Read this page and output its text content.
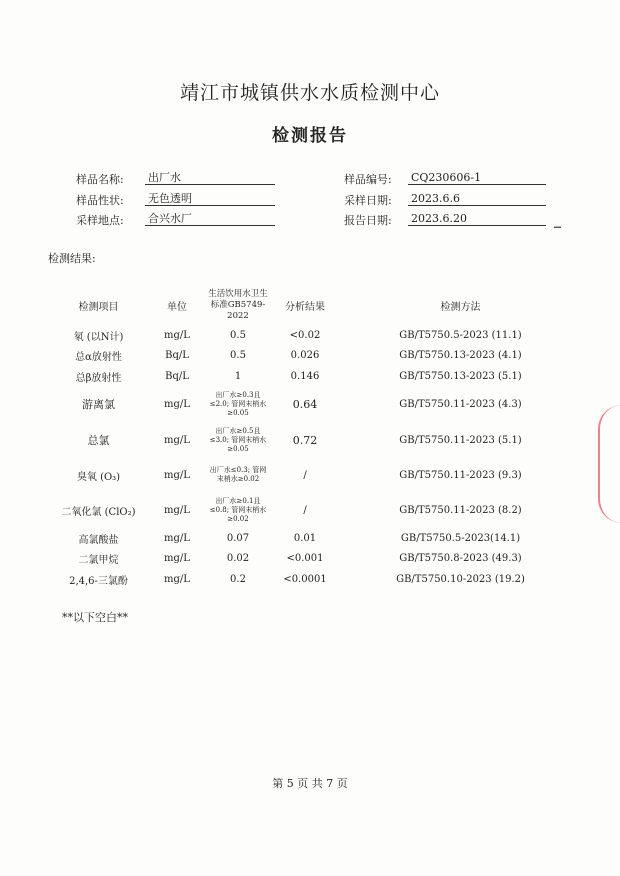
靖江市城镇供水水质检测中心
检测报告
样品名称: 出厂水	样品编号: CQ230606-1
样品性状: 无色透明	采样日期: 2023.6.6
采样地点: 合兴水厂	报告日期: 2023.6.20
▔
检测结果:
检测项目	单位	生活饮用水卫生标准GB5749-2022	分析结果	检测方法
氡 (以N计)	mg/L	0.5	<0.02	GB/T5750.5-2023 (11.1)
总α放射性	Bq/L	0.5	0.026	GB/T5750.13-2023 (4.1)
总β放射性	Bq/L	1	0.146	GB/T5750.13-2023 (5.1)
游离氯	mg/L	出厂水≥0.3且≤2.0; 管网末梢水≥0.05	0.64	GB/T5750.11-2023 (4.3)
总氯	mg/L	出厂水≥0.5且≤3.0; 管网末梢水≥0.05	0.72	GB/T5750.11-2023 (5.1)
臭氧 (O₃)	mg/L	出厂水≤0.3; 管网末梢水≥0.02	/	GB/T5750.11-2023 (9.3)
二氧化氯 (ClO₂)	mg/L	出厂水≥0.1且≤0.8; 管网末梢水≥0.02	/	GB/T5750.11-2023 (8.2)
高氯酸盐	mg/L	0.07	0.01	GB/T5750.5-2023(14.1)
二氯甲烷	mg/L	0.02	<0.001	GB/T5750.8-2023 (49.3)
2,4,6-三氯酚	mg/L	0.2	<0.0001	GB/T5750.10-2023 (19.2)
**以下空白**
第 5 页 共 7 页
